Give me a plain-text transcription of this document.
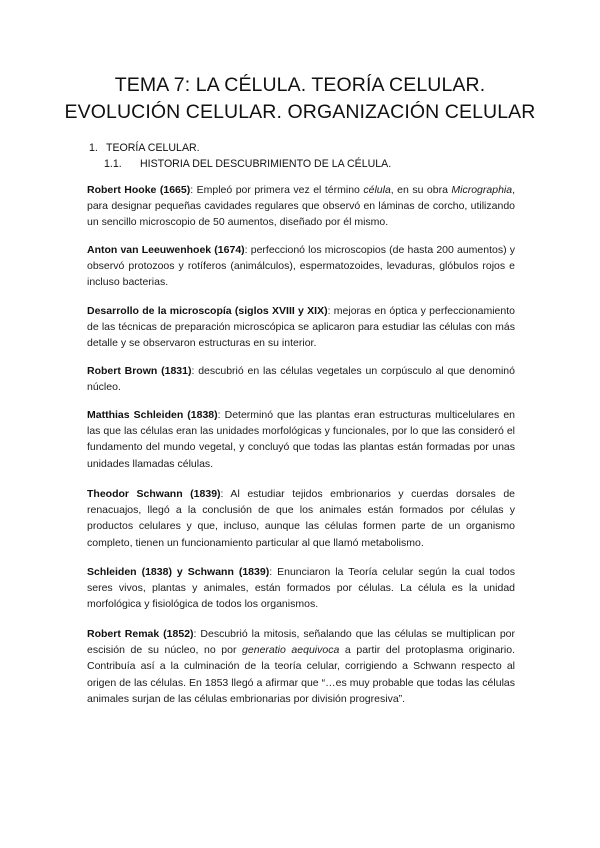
TEMA 7: LA CÉLULA. TEORÍA CELULAR. EVOLUCIÓN CELULAR. ORGANIZACIÓN CELULAR
1. TEORÍA CELULAR.
1.1. HISTORIA DEL DESCUBRIMIENTO DE LA CÉLULA.

Robert Hooke (1665): Empleó por primera vez el término célula, en su obra Micrographia, para designar pequeñas cavidades regulares que observó en láminas de corcho, utilizando un sencillo microscopio de 50 aumentos, diseñado por él mismo.

Anton van Leeuwenhoek (1674): perfeccionó los microscopios (de hasta 200 aumentos) y observó protozoos y rotíferos (animálculos), espermatozoides, levaduras, glóbulos rojos e incluso bacterias.

Desarrollo de la microscopía (siglos XVIII y XIX): mejoras en óptica y perfeccionamiento de las técnicas de preparación microscópica se aplicaron para estudiar las células con más detalle y se observaron estructuras en su interior.

Robert Brown (1831): descubrió en las células vegetales un corpúsculo al que denominó núcleo.

Matthias Schleiden (1838): Determinó que las plantas eran estructuras multicelulares en las que las células eran las unidades morfológicas y funcionales, por lo que las consideró el fundamento del mundo vegetal, y concluyó que todas las plantas están formadas por unas unidades llamadas células.

Theodor Schwann (1839): Al estudiar tejidos embrionarios y cuerdas dorsales de renacuajos, llegó a la conclusión de que los animales están formados por células y productos celulares y que, incluso, aunque las células formen parte de un organismo completo, tienen un funcionamiento particular al que llamó metabolismo.

Schleiden (1838) y Schwann (1839): Enunciaron la Teoría celular según la cual todos seres vivos, plantas y animales, están formados por células. La célula es la unidad morfológica y fisiológica de todos los organismos.

Robert Remak (1852): Descubrió la mitosis, señalando que las células se multiplican por escisión de su núcleo, no por generatio aequivoca a partir del protoplasma originario. Contribuía así a la culminación de la teoría celular, corrigiendo a Schwann respecto al origen de las células. En 1853 llegó a afirmar que “…es muy probable que todas las células animales surjan de las células embrionarias por división progresiva”.
